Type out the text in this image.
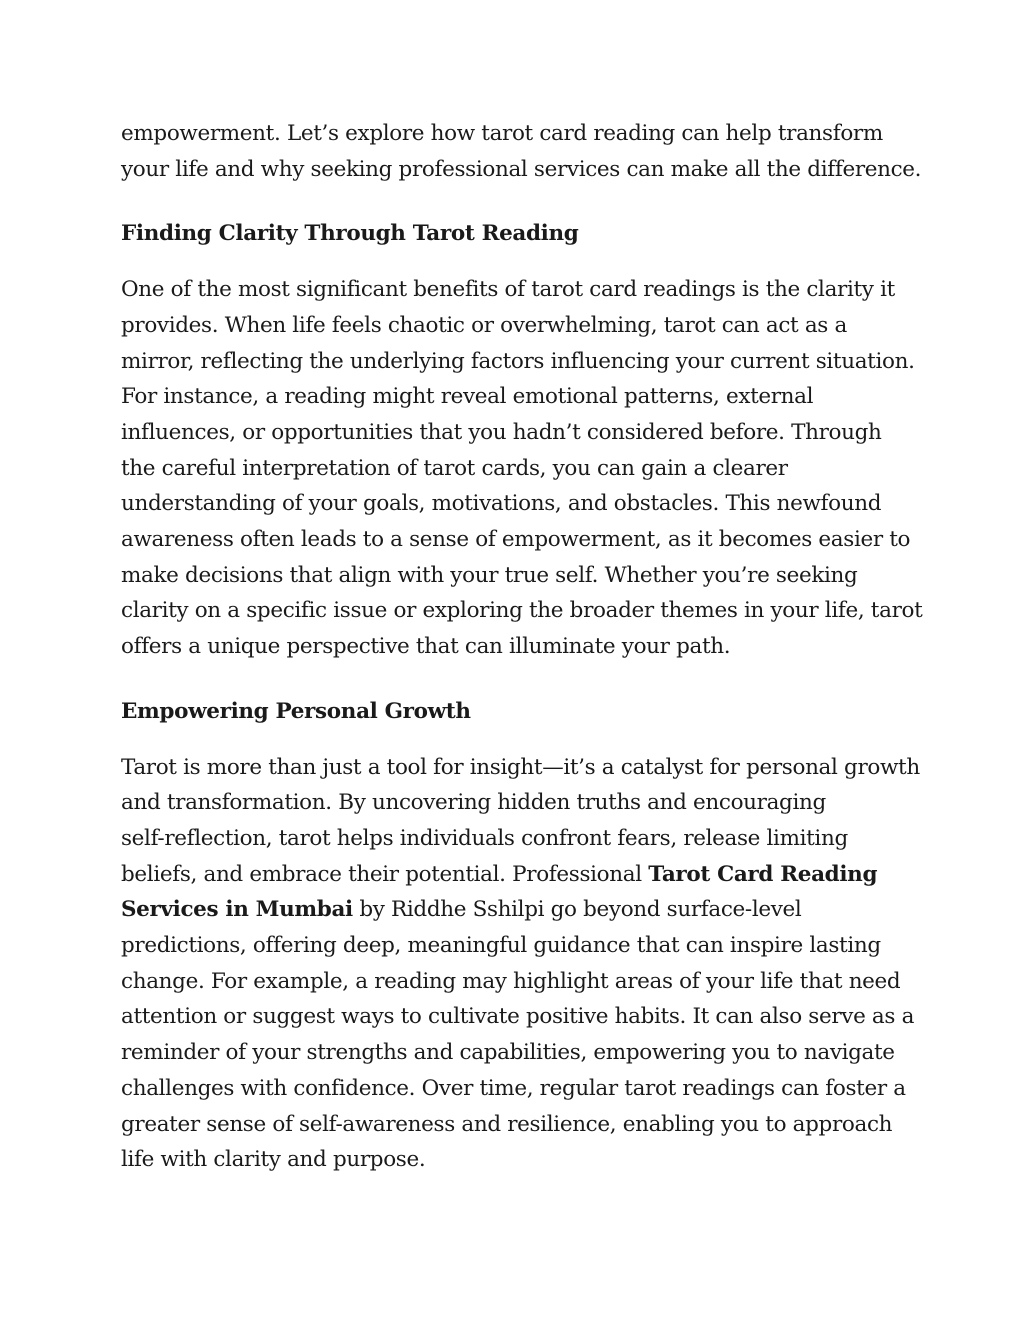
empowerment. Let’s explore how tarot card reading can help transform
your life and why seeking professional services can make all the difference.

Finding Clarity Through Tarot Reading

One of the most significant benefits of tarot card readings is the clarity it
provides. When life feels chaotic or overwhelming, tarot can act as a
mirror, reflecting the underlying factors influencing your current situation.
For instance, a reading might reveal emotional patterns, external
influences, or opportunities that you hadn’t considered before. Through
the careful interpretation of tarot cards, you can gain a clearer
understanding of your goals, motivations, and obstacles. This newfound
awareness often leads to a sense of empowerment, as it becomes easier to
make decisions that align with your true self. Whether you’re seeking
clarity on a specific issue or exploring the broader themes in your life, tarot
offers a unique perspective that can illuminate your path.

Empowering Personal Growth

Tarot is more than just a tool for insight—it’s a catalyst for personal growth
and transformation. By uncovering hidden truths and encouraging
self-reflection, tarot helps individuals confront fears, release limiting
beliefs, and embrace their potential. Professional Tarot Card Reading
Services in Mumbai by Riddhe Sshilpi go beyond surface-level
predictions, offering deep, meaningful guidance that can inspire lasting
change. For example, a reading may highlight areas of your life that need
attention or suggest ways to cultivate positive habits. It can also serve as a
reminder of your strengths and capabilities, empowering you to navigate
challenges with confidence. Over time, regular tarot readings can foster a
greater sense of self-awareness and resilience, enabling you to approach
life with clarity and purpose.
